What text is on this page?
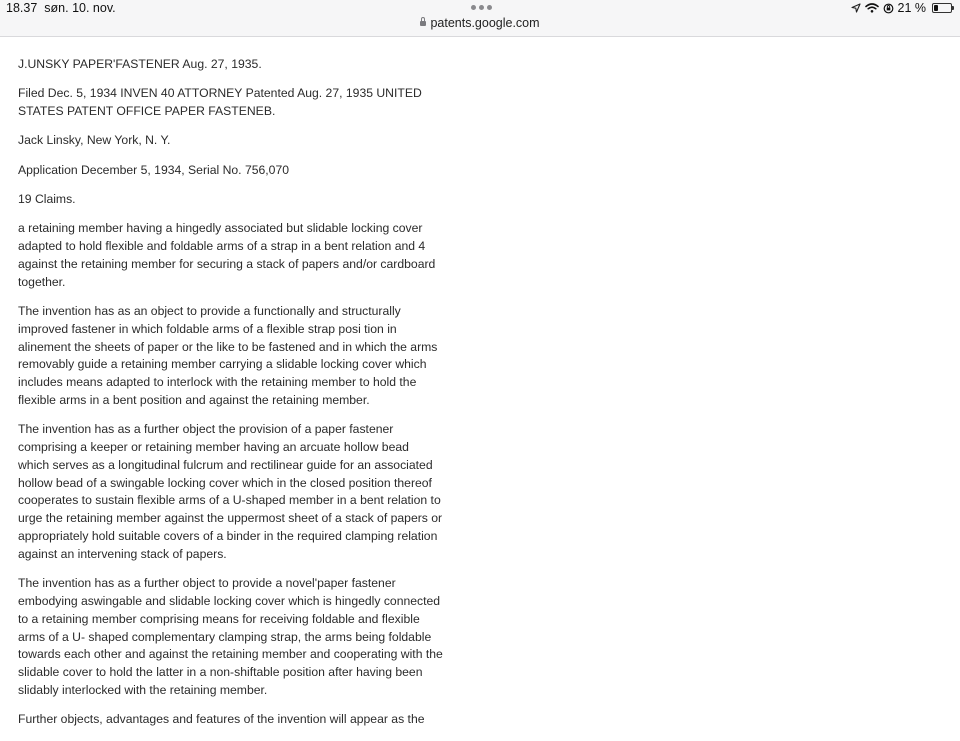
18.37 søn. 10. nov.
patents.google.com
21 %

J.UNSKY PAPER'FASTENER Aug. 27, 1935.

Filed Dec. 5, 1934 INVEN 40 ATTORNEY Patented Aug. 27, 1935 UNITED STATES PATENT OFFICE PAPER FASTENEB.

Jack Linsky, New York, N. Y.

Application December 5, 1934, Serial No. 756,070

19 Claims.

a retaining member having a hingedly associated but slidable locking cover adapted to hold flexible and foldable arms of a strap in a bent relation and 4 against the retaining member for securing a stack of papers and/or cardboard together.

The invention has as an object to provide a functionally and structurally improved fastener in which foldable arms of a flexible strap posi tion in alinement the sheets of paper or the like to be fastened and in which the arms removably guide a retaining member carrying a slidable locking cover which includes means adapted to interlock with the retaining member to hold the flexible arms in a bent position and against the retaining member.

The invention has as a further object the provision of a paper fastener comprising a keeper or retaining member having an arcuate hollow bead which serves as a longitudinal fulcrum and rectilinear guide for an associated hollow bead of a swingable locking cover which in the closed position thereof cooperates to sustain flexible arms of a U-shaped member in a bent relation to urge the retaining member against the uppermost sheet of a stack of papers or appropriately hold suitable covers of a binder in the required clamping relation against an intervening stack of papers.

The invention has as a further object to provide a novel'paper fastener embodying aswingable and slidable locking cover which is hingedly connected to a retaining member comprising means for receiving foldable and flexible arms of a U- shaped complementary clamping strap, the arms being foldable towards each other and against the retaining member and cooperating with the slidable cover to hold the latter in a non-shiftable position after having been slidably interlocked with the retaining member.

Further objects, advantages and features of the invention will appear as the
